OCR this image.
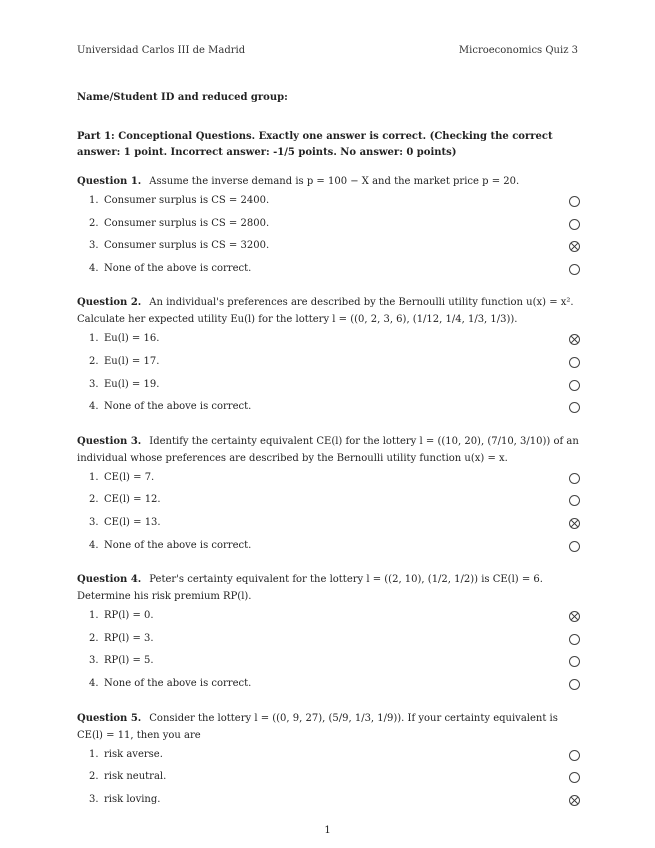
Universidad Carlos III de Madrid	Microeconomics Quiz 3
Name/Student ID and reduced group:
Part 1: Conceptional Questions. Exactly one answer is correct. (Checking the correct answer: 1 point. Incorrect answer: -1/5 points. No answer: 0 points)
Question 1. Assume the inverse demand is p = 100 − X and the market price p = 20.
1. Consumer surplus is CS = 2400.
2. Consumer surplus is CS = 2800.
3. Consumer surplus is CS = 3200.
4. None of the above is correct.
Question 2. An individual's preferences are described by the Bernoulli utility function u(x) = x². Calculate her expected utility Eu(l) for the lottery l = ((0, 2, 3, 6), (1/12, 1/4, 1/3, 1/3)).
1. Eu(l) = 16.
2. Eu(l) = 17.
3. Eu(l) = 19.
4. None of the above is correct.
Question 3. Identify the certainty equivalent CE(l) for the lottery l = ((10, 20), (7/10, 3/10)) of an individual whose preferences are described by the Bernoulli utility function u(x) = x.
1. CE(l) = 7.
2. CE(l) = 12.
3. CE(l) = 13.
4. None of the above is correct.
Question 4. Peter's certainty equivalent for the lottery l = ((2, 10), (1/2, 1/2)) is CE(l) = 6. Determine his risk premium RP(l).
1. RP(l) = 0.
2. RP(l) = 3.
3. RP(l) = 5.
4. None of the above is correct.
Question 5. Consider the lottery l = ((0, 9, 27), (5/9, 1/3, 1/9)). If your certainty equivalent is CE(l) = 11, then you are
1. risk averse.
2. risk neutral.
3. risk loving.
1
